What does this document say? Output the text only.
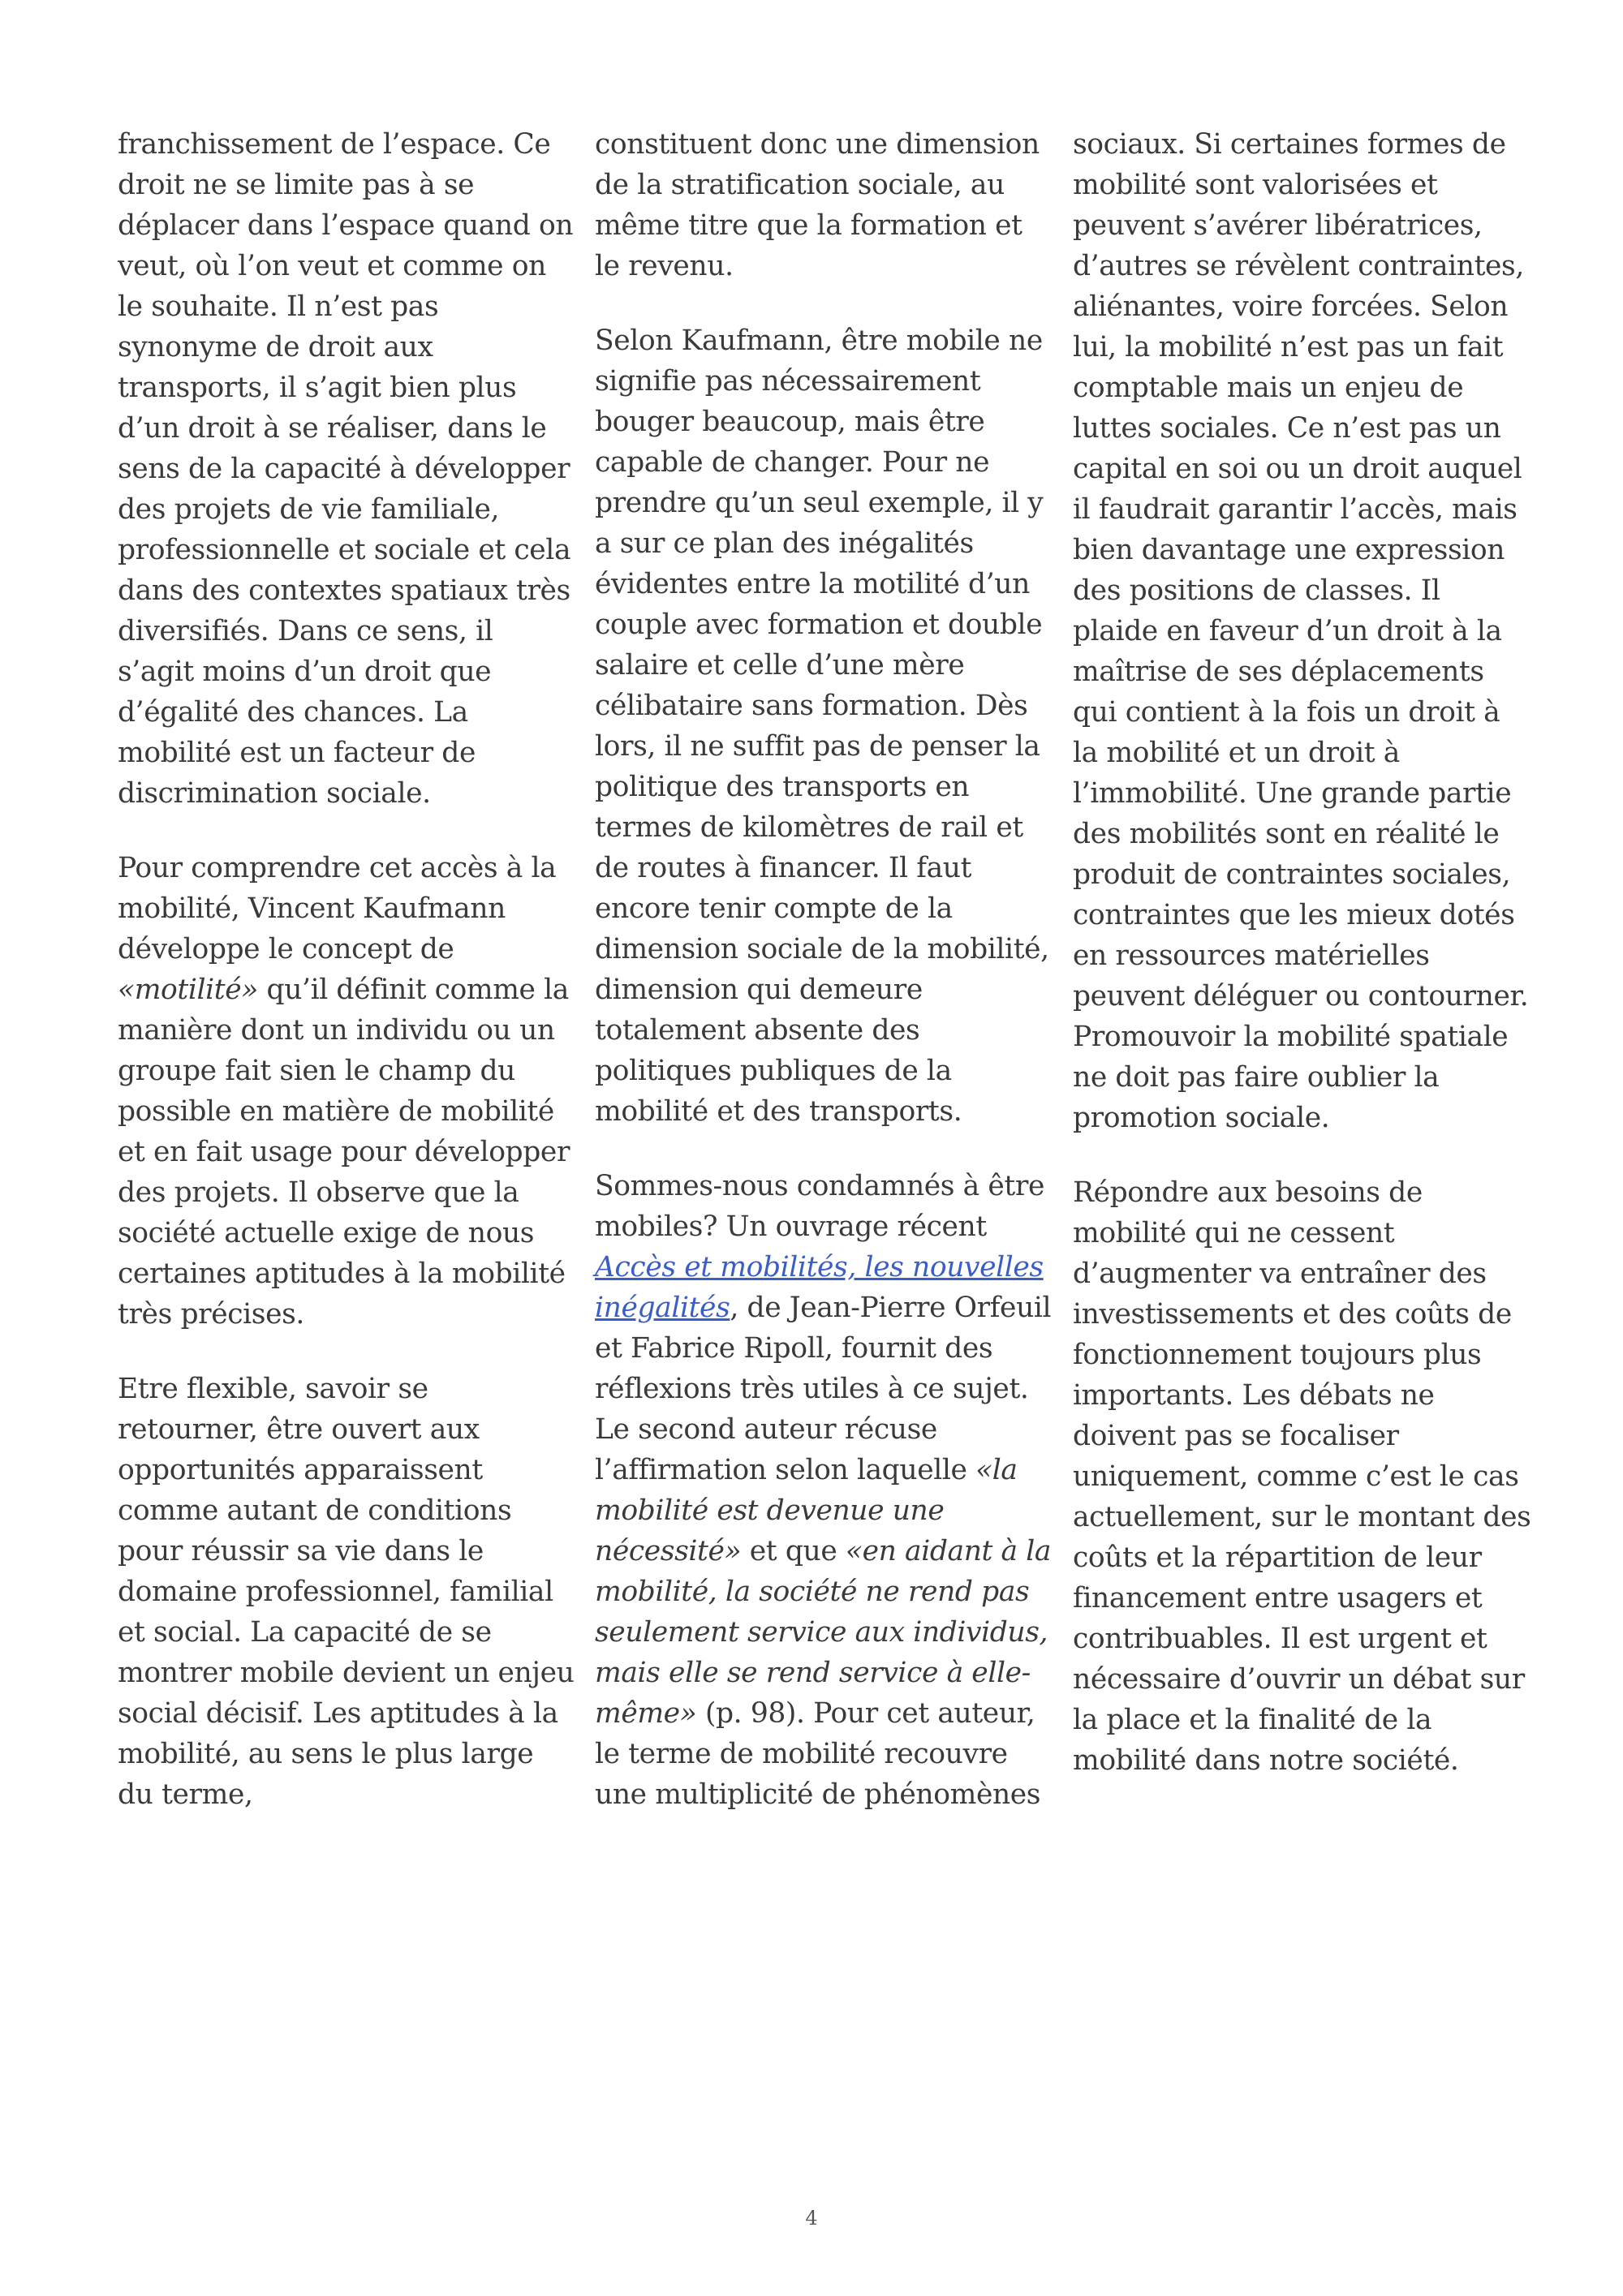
franchissement de l’espace. Ce droit ne se limite pas à se déplacer dans l’espace quand on veut, où l’on veut et comme on le souhaite. Il n’est pas synonyme de droit aux transports, il s’agit bien plus d’un droit à se réaliser, dans le sens de la capacité à développer des projets de vie familiale, professionnelle et sociale et cela dans des contextes spatiaux très diversifiés. Dans ce sens, il s’agit moins d’un droit que d’égalité des chances. La mobilité est un facteur de discrimination sociale.

Pour comprendre cet accès à la mobilité, Vincent Kaufmann développe le concept de «motilité» qu’il définit comme la manière dont un individu ou un groupe fait sien le champ du possible en matière de mobilité et en fait usage pour développer des projets. Il observe que la société actuelle exige de nous certaines aptitudes à la mobilité très précises.

Etre flexible, savoir se retourner, être ouvert aux opportunités apparaissent comme autant de conditions pour réussir sa vie dans le domaine professionnel, familial et social. La capacité de se montrer mobile devient un enjeu social décisif. Les aptitudes à la mobilité, au sens le plus large du terme,

constituent donc une dimension de la stratification sociale, au même titre que la formation et le revenu.

Selon Kaufmann, être mobile ne signifie pas nécessairement bouger beaucoup, mais être capable de changer. Pour ne prendre qu’un seul exemple, il y a sur ce plan des inégalités évidentes entre la motilité d’un couple avec formation et double salaire et celle d’une mère célibataire sans formation. Dès lors, il ne suffit pas de penser la politique des transports en termes de kilomètres de rail et de routes à financer. Il faut encore tenir compte de la dimension sociale de la mobilité, dimension qui demeure totalement absente des politiques publiques de la mobilité et des transports.

Sommes-nous condamnés à être mobiles? Un ouvrage récent Accès et mobilités, les nouvelles inégalités, de Jean-Pierre Orfeuil et Fabrice Ripoll, fournit des réflexions très utiles à ce sujet. Le second auteur récuse l’affirmation selon laquelle «la mobilité est devenue une nécessité» et que «en aidant à la mobilité, la société ne rend pas seulement service aux individus, mais elle se rend service à elle-même» (p. 98). Pour cet auteur, le terme de mobilité recouvre une multiplicité de phénomènes

sociaux. Si certaines formes de mobilité sont valorisées et peuvent s’avérer libératrices, d’autres se révèlent contraintes, aliénantes, voire forcées. Selon lui, la mobilité n’est pas un fait comptable mais un enjeu de luttes sociales. Ce n’est pas un capital en soi ou un droit auquel il faudrait garantir l’accès, mais bien davantage une expression des positions de classes. Il plaide en faveur d’un droit à la maîtrise de ses déplacements qui contient à la fois un droit à la mobilité et un droit à l’immobilité. Une grande partie des mobilités sont en réalité le produit de contraintes sociales, contraintes que les mieux dotés en ressources matérielles peuvent déléguer ou contourner. Promouvoir la mobilité spatiale ne doit pas faire oublier la promotion sociale.

Répondre aux besoins de mobilité qui ne cessent d’augmenter va entraîner des investissements et des coûts de fonctionnement toujours plus importants. Les débats ne doivent pas se focaliser uniquement, comme c’est le cas actuellement, sur le montant des coûts et la répartition de leur financement entre usagers et contribuables. Il est urgent et nécessaire d’ouvrir un débat sur la place et la finalité de la mobilité dans notre société.

4
